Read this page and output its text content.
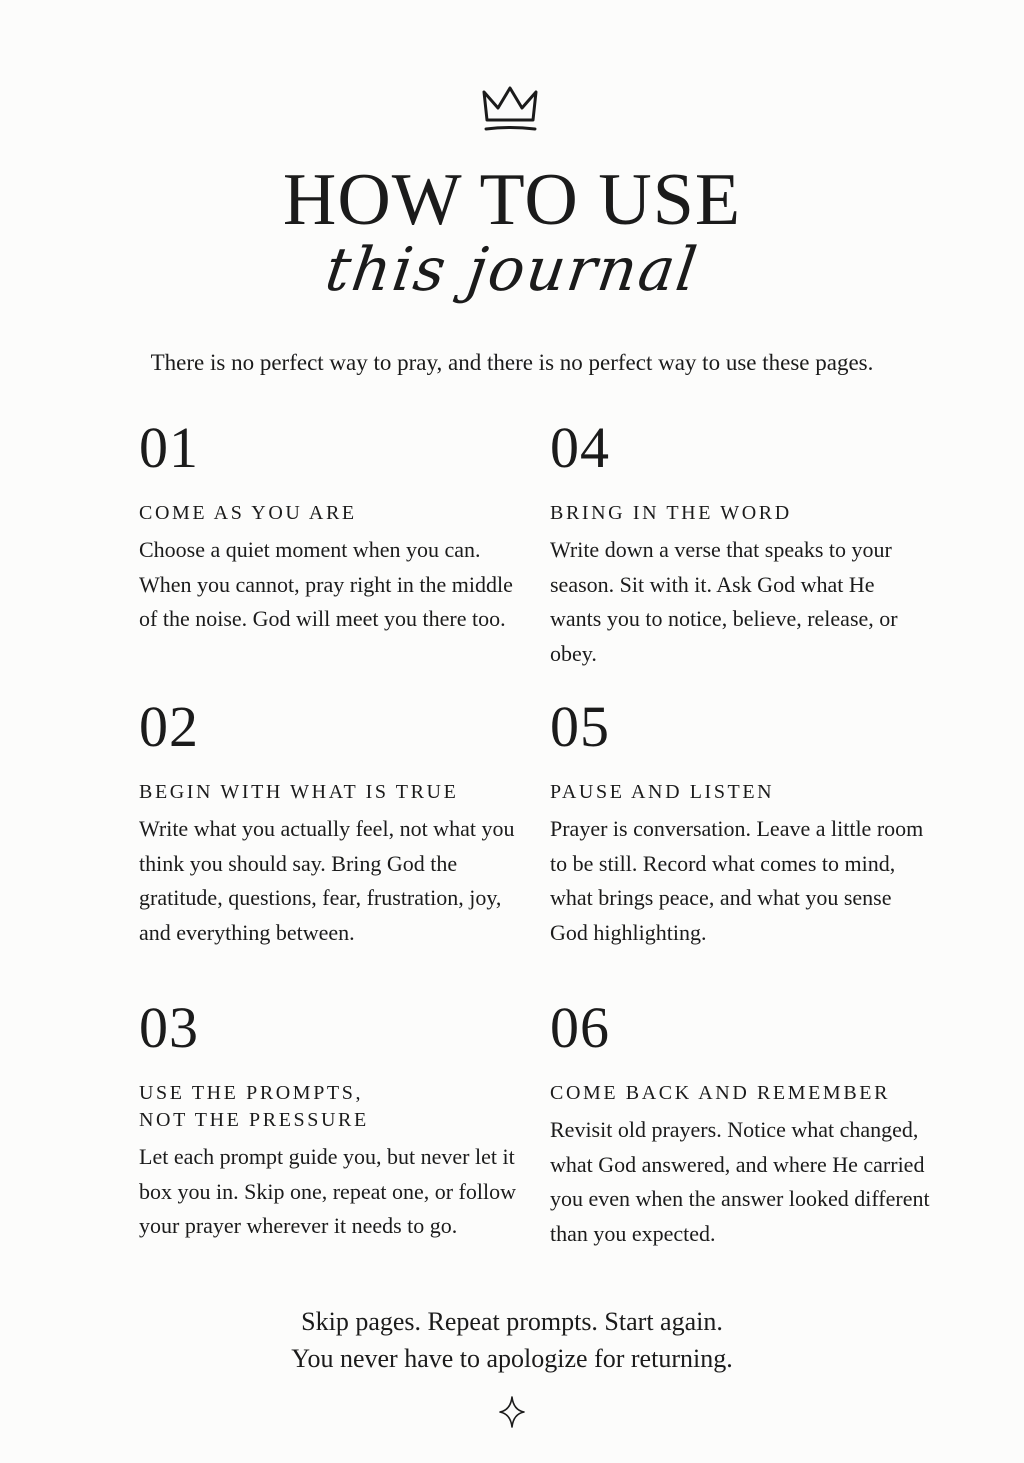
HOW TO USE
this journal
There is no perfect way to pray, and there is no perfect way to use these pages.
01
COME AS YOU ARE
Choose a quiet moment when you can. When you cannot, pray right in the middle of the noise. God will meet you there too.
02
BEGIN WITH WHAT IS TRUE
Write what you actually feel, not what you think you should say. Bring God the gratitude, questions, fear, frustration, joy, and everything between.
03
USE THE PROMPTS,
NOT THE PRESSURE
Let each prompt guide you, but never let it box you in. Skip one, repeat one, or follow your prayer wherever it needs to go.
04
BRING IN THE WORD
Write down a verse that speaks to your season. Sit with it. Ask God what He wants you to notice, believe, release, or obey.
05
PAUSE AND LISTEN
Prayer is conversation. Leave a little room to be still. Record what comes to mind, what brings peace, and what you sense God highlighting.
06
COME BACK AND REMEMBER
Revisit old prayers. Notice what changed, what God answered, and where He carried you even when the answer looked different than you expected.
Skip pages. Repeat prompts. Start again.
You never have to apologize for returning.
